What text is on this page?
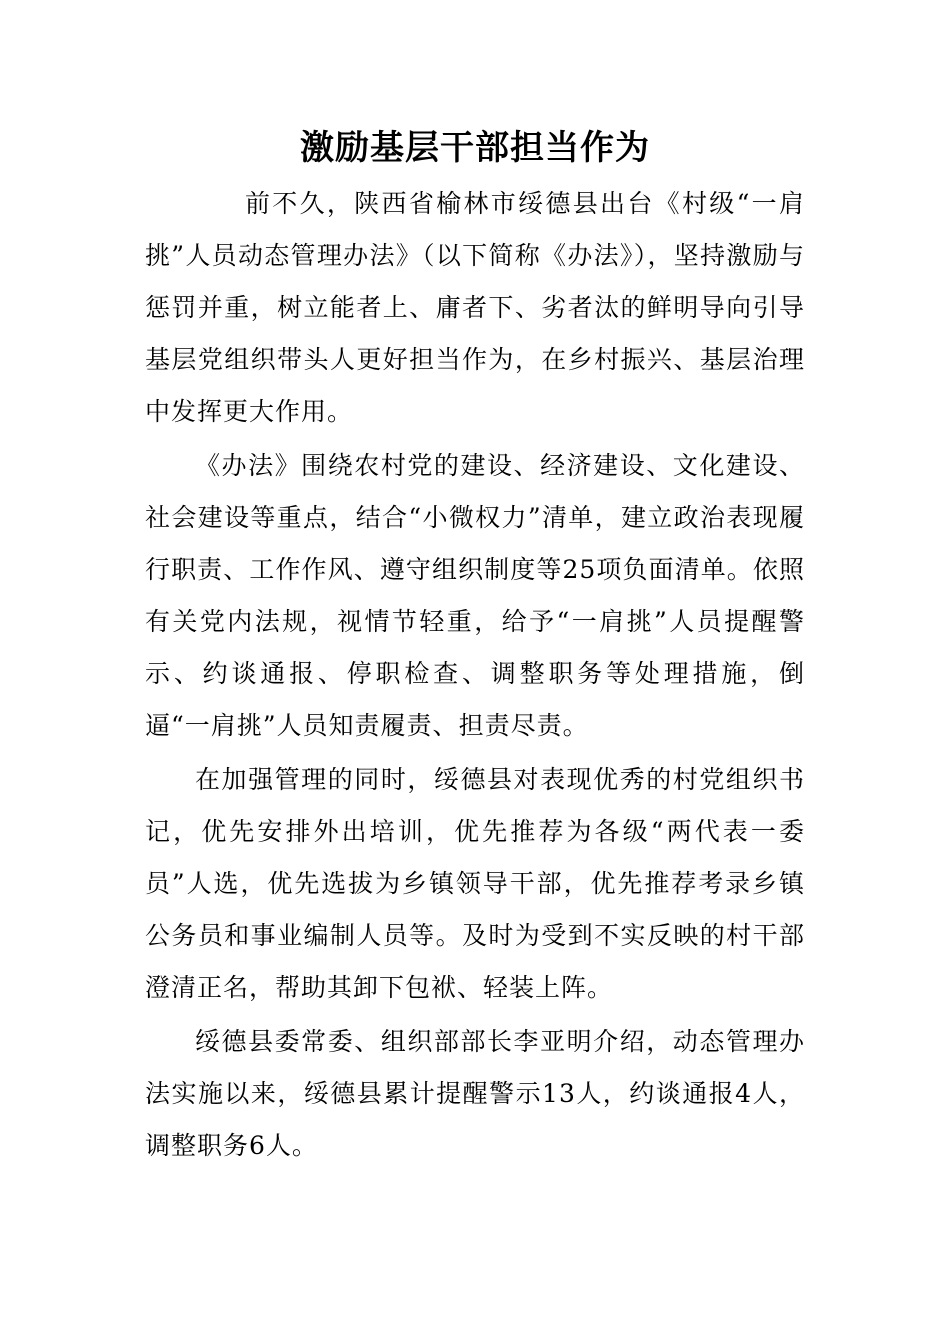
激励基层干部担当作为

前不久，陕西省榆林市绥德县出台《村级“一肩挑”人员动态管理办法》（以下简称《办法》），坚持激励与惩罚并重，树立能者上、庸者下、劣者汰的鲜明导向引导基层党组织带头人更好担当作为，在乡村振兴、基层治理中发挥更大作用。

《办法》围绕农村党的建设、经济建设、文化建设、社会建设等重点，结合“小微权力”清单，建立政治表现履行职责、工作作风、遵守组织制度等25项负面清单。依照有关党内法规，视情节轻重，给予“一肩挑”人员提醒警示、约谈通报、停职检查、调整职务等处理措施，倒逼“一肩挑”人员知责履责、担责尽责。

在加强管理的同时，绥德县对表现优秀的村党组织书记，优先安排外出培训，优先推荐为各级“两代表一委员”人选，优先选拔为乡镇领导干部，优先推荐考录乡镇公务员和事业编制人员等。及时为受到不实反映的村干部澄清正名，帮助其卸下包袱、轻装上阵。

绥德县委常委、组织部部长李亚明介绍，动态管理办法实施以来，绥德县累计提醒警示13人，约谈通报4人，调整职务6人。
